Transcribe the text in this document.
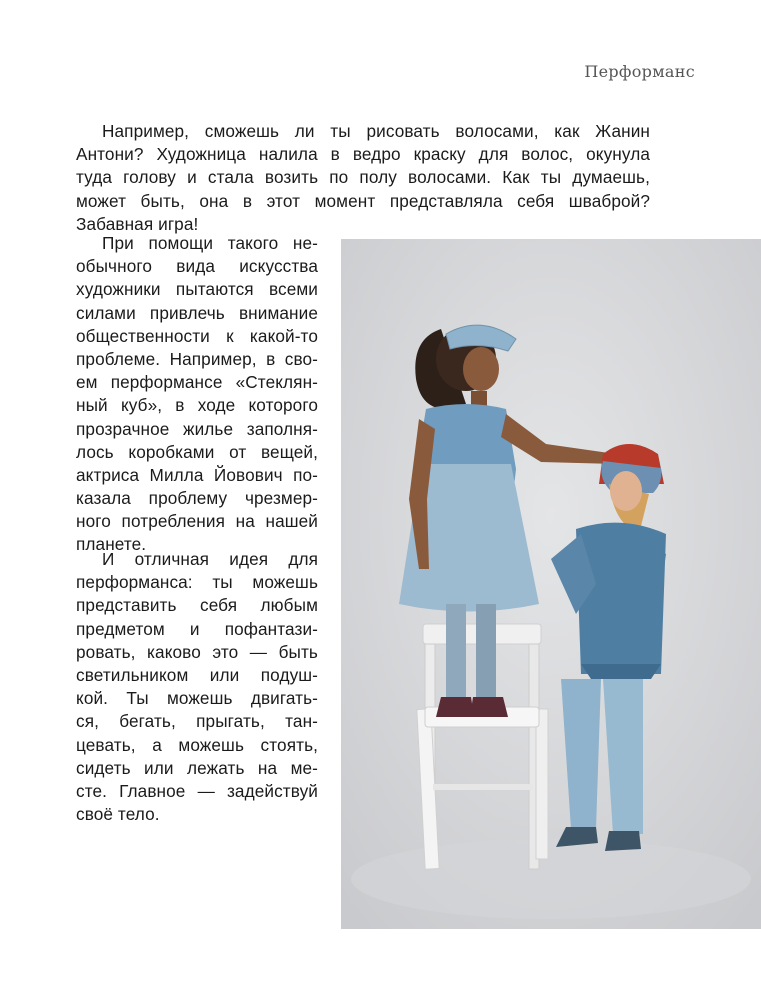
Перформанс

Например, сможешь ли ты рисовать волосами, как Жанин
Антони? Художница налила в ведро краску для волос, окунула
туда голову и стала возить по полу волосами. Как ты думаешь,
может быть, она в этот момент представляла себя шваброй?
Забавная игра!

При помощи такого не-
обычного вида искусства
художники пытаются всеми
силами привлечь внимание
общественности к какой-то
проблеме. Например, в сво-
ем перформансе «Стеклян-
ный куб», в ходе которого
прозрачное жилье заполня-
лось коробками от вещей,
актриса Милла Йовович по-
казала проблему чрезмер-
ного потребления на нашей
планете.

И отличная идея для
перформанса: ты можешь
представить себя любым
предметом и пофантази-
ровать, каково это — быть
светильником или подуш-
кой. Ты можешь двигать-
ся, бегать, прыгать, тан-
цевать, а можешь стоять,
сидеть или лежать на ме-
сте. Главное — задействуй
своё тело.
